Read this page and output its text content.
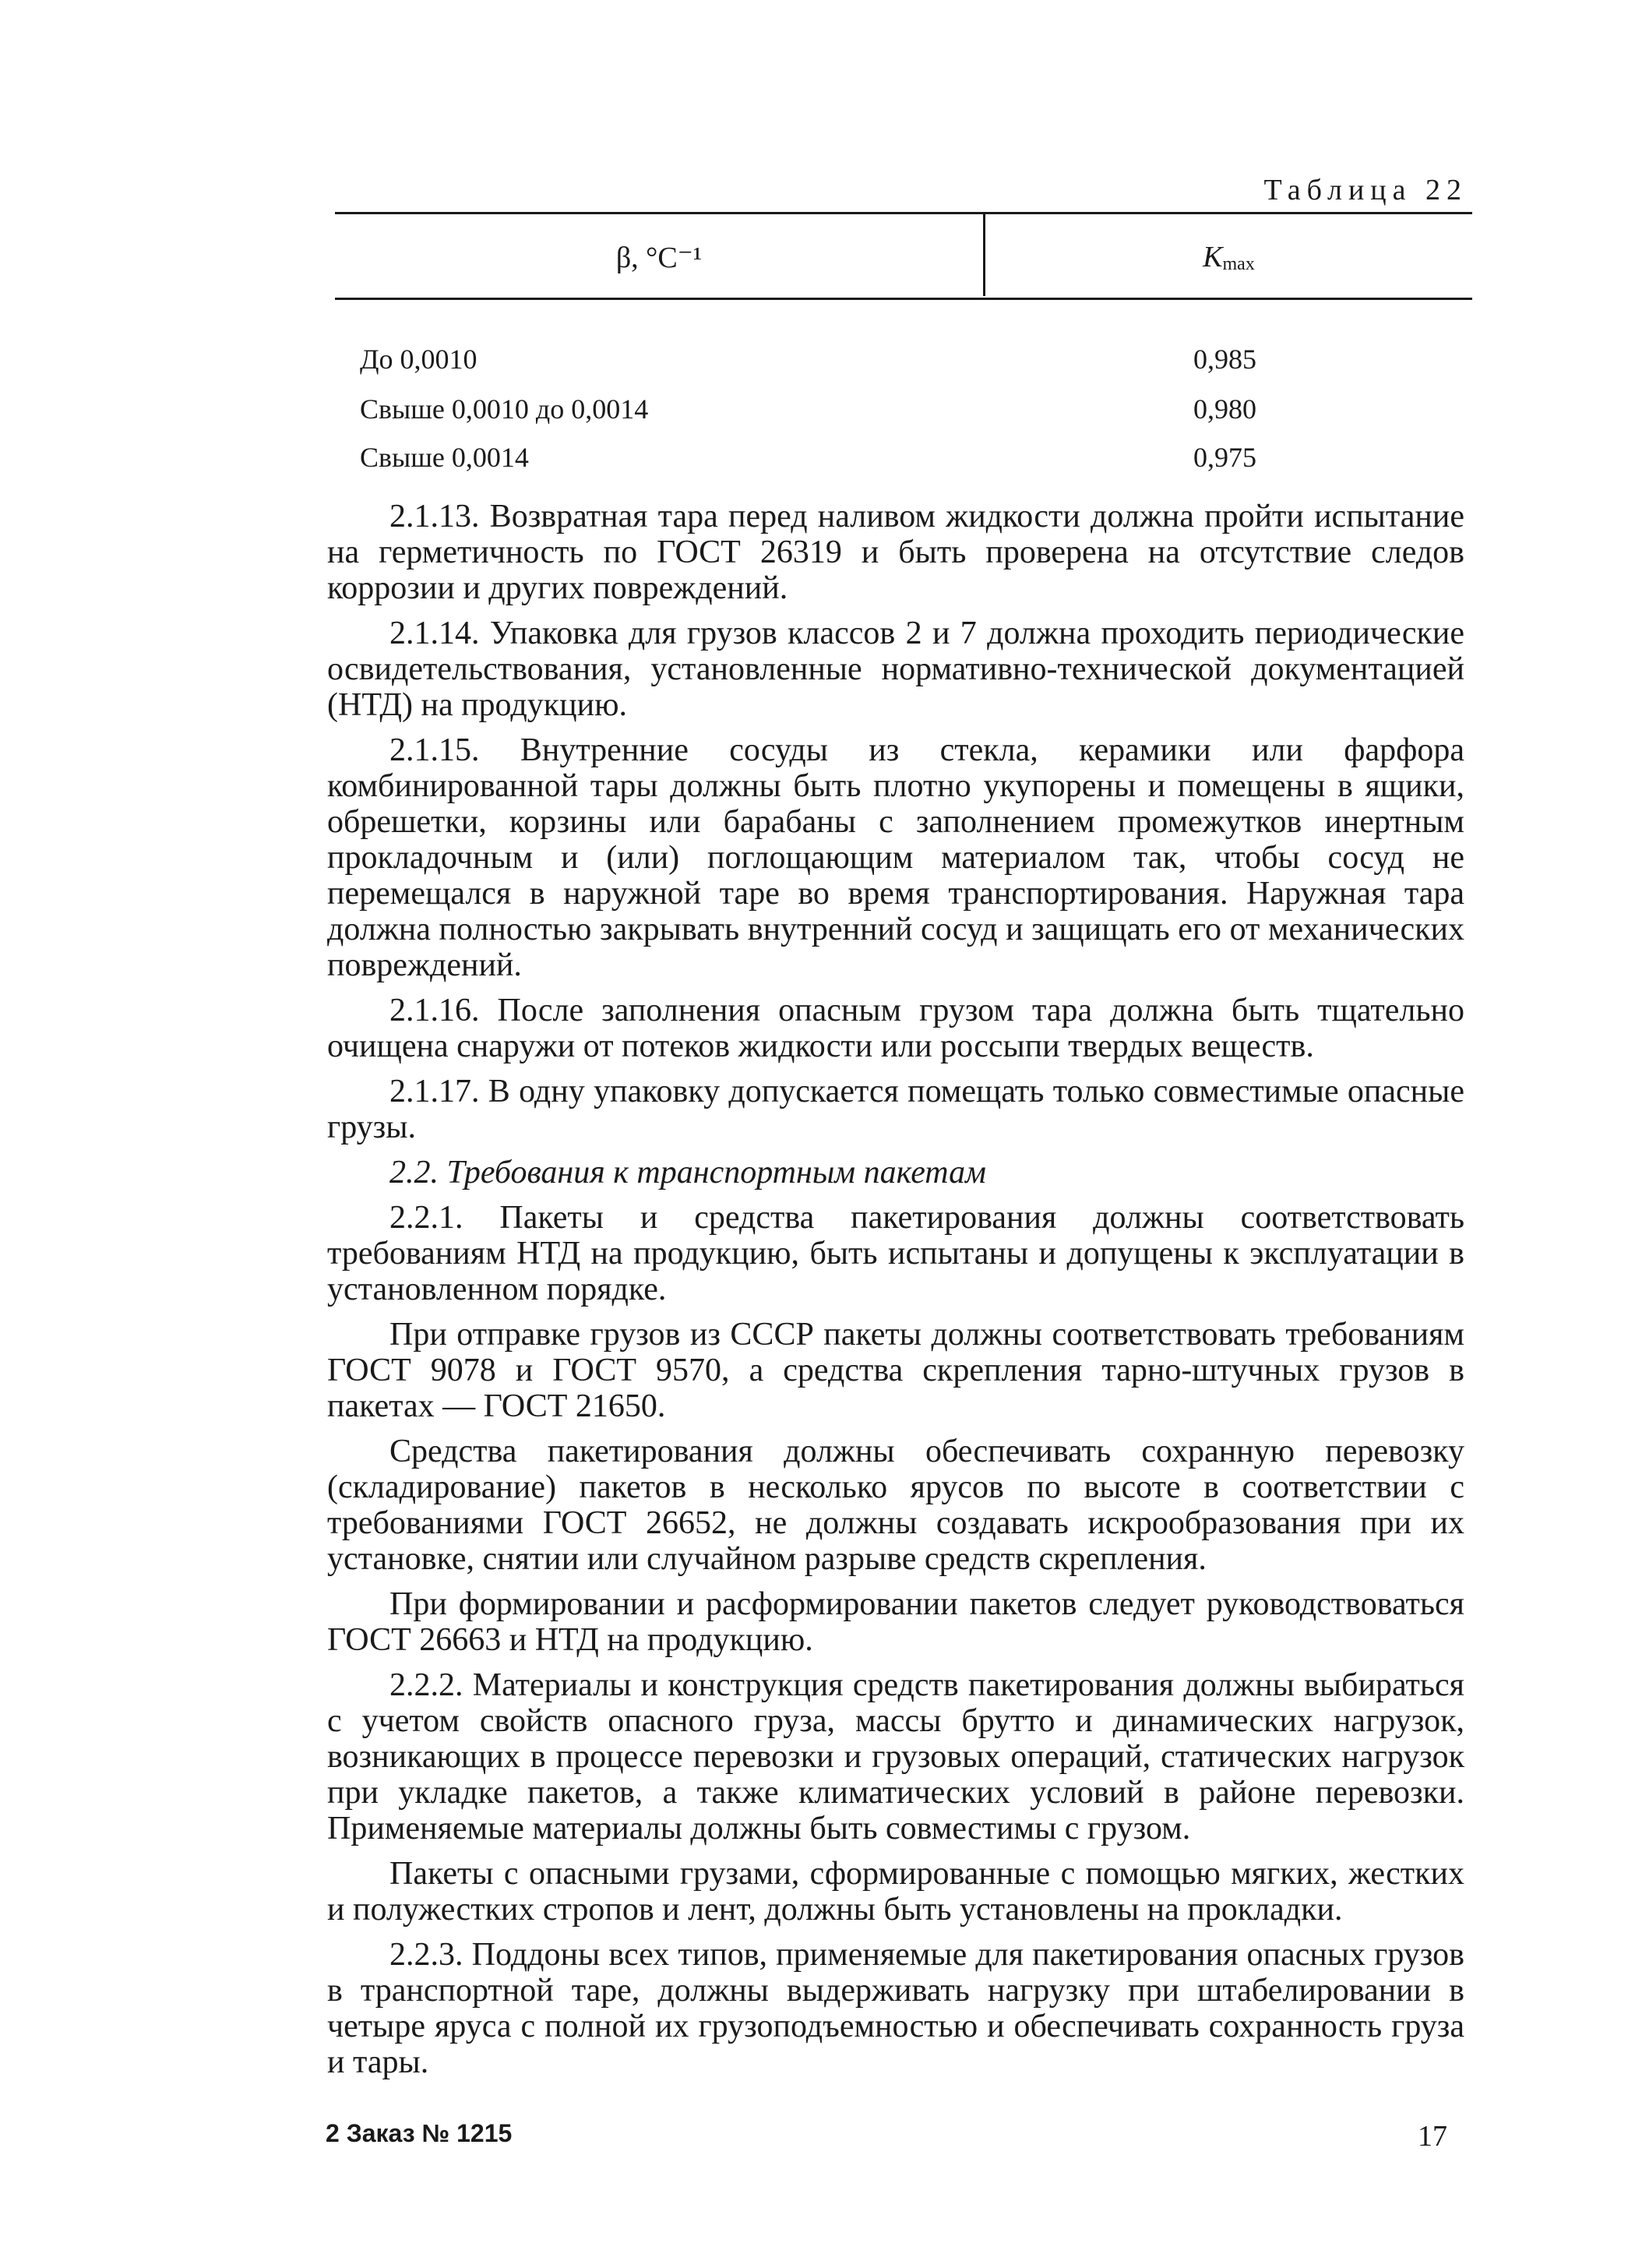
Таблица 22
β, °С⁻¹	$K_{max}$
До 0,0010	0,985
Свыше 0,0010 до 0,0014	0,980
Свыше 0,0014	0,975

2.1.13. Возвратная тара перед наливом жидкости должна пройти испытание на герметичность по ГОСТ 26319 и быть проверена на отсутствие следов коррозии и других повреждений.

2.1.14. Упаковка для грузов классов 2 и 7 должна проходить периодические освидетельствования, установленные нормативно-технической документацией (НТД) на продукцию.

2.1.15. Внутренние сосуды из стекла, керамики или фарфора комбинированной тары должны быть плотно укупорены и помещены в ящики, обрешетки, корзины или барабаны с заполнением промежутков инертным прокладочным и (или) поглощающим материалом так, чтобы сосуд не перемещался в наружной таре во время транспортирования. Наружная тара должна полностью закрывать внутренний сосуд и защищать его от механических повреждений.

2.1.16. После заполнения опасным грузом тара должна быть тщательно очищена снаружи от потеков жидкости или россыпи твердых веществ.

2.1.17. В одну упаковку допускается помещать только совместимые опасные грузы.

2.2. Требования к транспортным пакетам

2.2.1. Пакеты и средства пакетирования должны соответствовать требованиям НТД на продукцию, быть испытаны и допущены к эксплуатации в установленном порядке.

При отправке грузов из СССР пакеты должны соответствовать требованиям ГОСТ 9078 и ГОСТ 9570, а средства скрепления тарно-штучных грузов в пакетах — ГОСТ 21650.

Средства пакетирования должны обеспечивать сохранную перевозку (складирование) пакетов в несколько ярусов по высоте в соответствии с требованиями ГОСТ 26652, не должны создавать искрообразования при их установке, снятии или случайном разрыве средств скрепления.

При формировании и расформировании пакетов следует руководствоваться ГОСТ 26663 и НТД на продукцию.

2.2.2. Материалы и конструкция средств пакетирования должны выбираться с учетом свойств опасного груза, массы брутто и динамических нагрузок, возникающих в процессе перевозки и грузовых операций, статических нагрузок при укладке пакетов, а также климатических условий в районе перевозки. Применяемые материалы должны быть совместимы с грузом.

Пакеты с опасными грузами, сформированные с помощью мягких, жестких и полужестких стропов и лент, должны быть установлены на прокладки.

2.2.3. Поддоны всех типов, применяемые для пакетирования опасных грузов в транспортной таре, должны выдерживать нагрузку при штабелировании в четыре яруса с полной их грузоподъемностью и обеспечивать сохранность груза и тары.

2 Заказ № 1215	17
